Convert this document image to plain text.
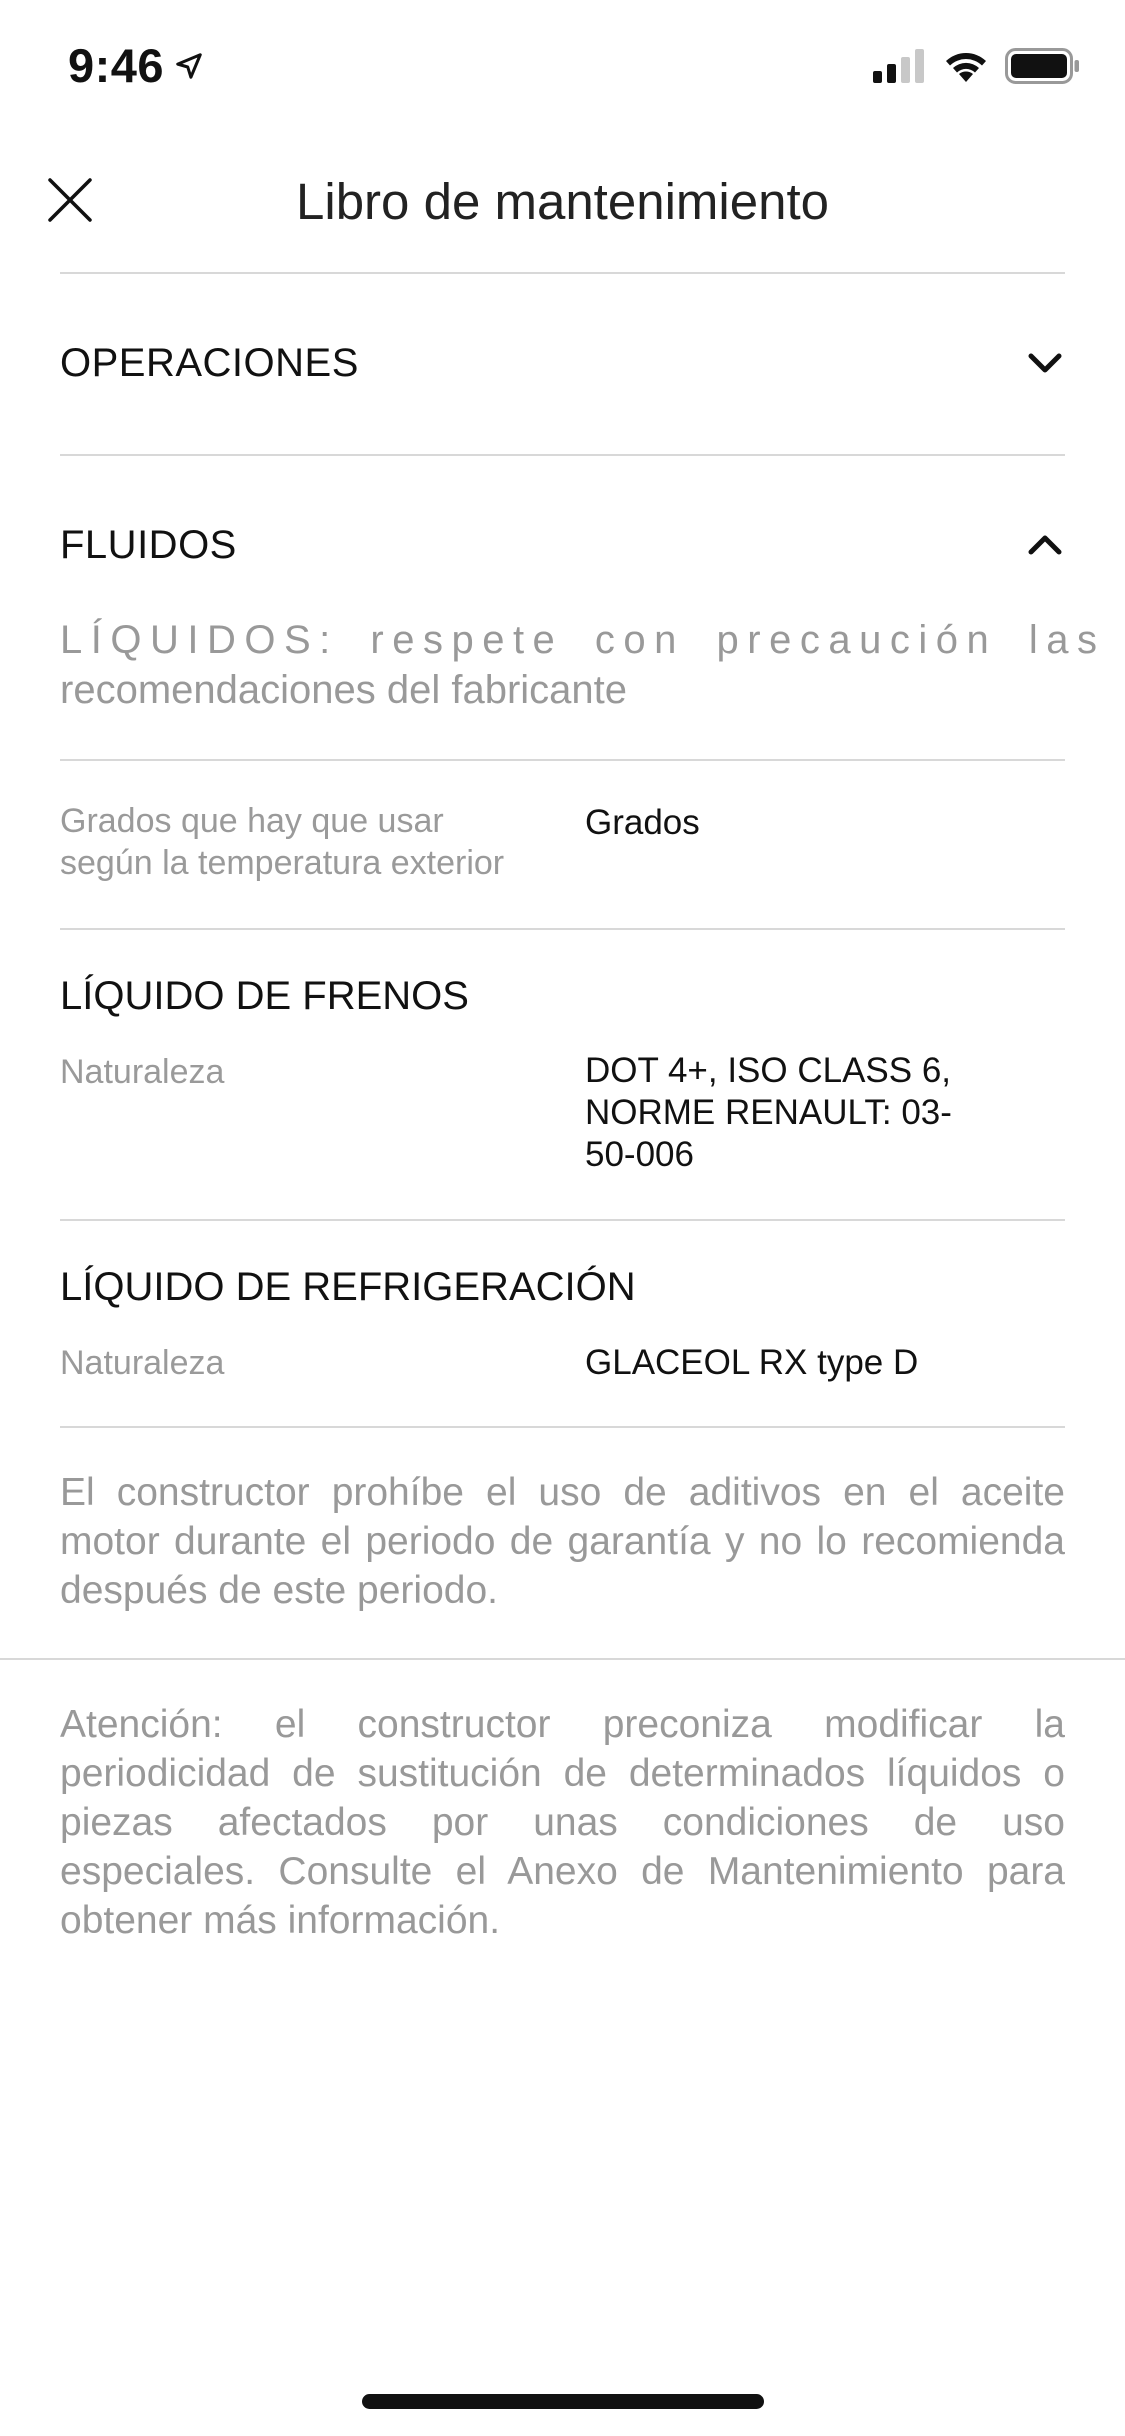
9:46
Libro de mantenimiento
OPERACIONES
FLUIDOS
LÍQUIDOS: respete con precaución las
recomendaciones del fabricante
Grados que hay que usar según la temperatura exterior
Grados
LÍQUIDO DE FRENOS
Naturaleza	DOT 4+, ISO CLASS 6, NORME RENAULT: 03-50-006
LÍQUIDO DE REFRIGERACIÓN
Naturaleza	GLACEOL RX type D
El constructor prohíbe el uso de aditivos en el aceite motor durante el periodo de garantía y no lo recomienda después de este periodo.
Atención: el constructor preconiza modificar la periodicidad de sustitución de determinados líquidos o piezas afectados por unas condiciones de uso especiales. Consulte el Anexo de Mantenimiento para obtener más información.
